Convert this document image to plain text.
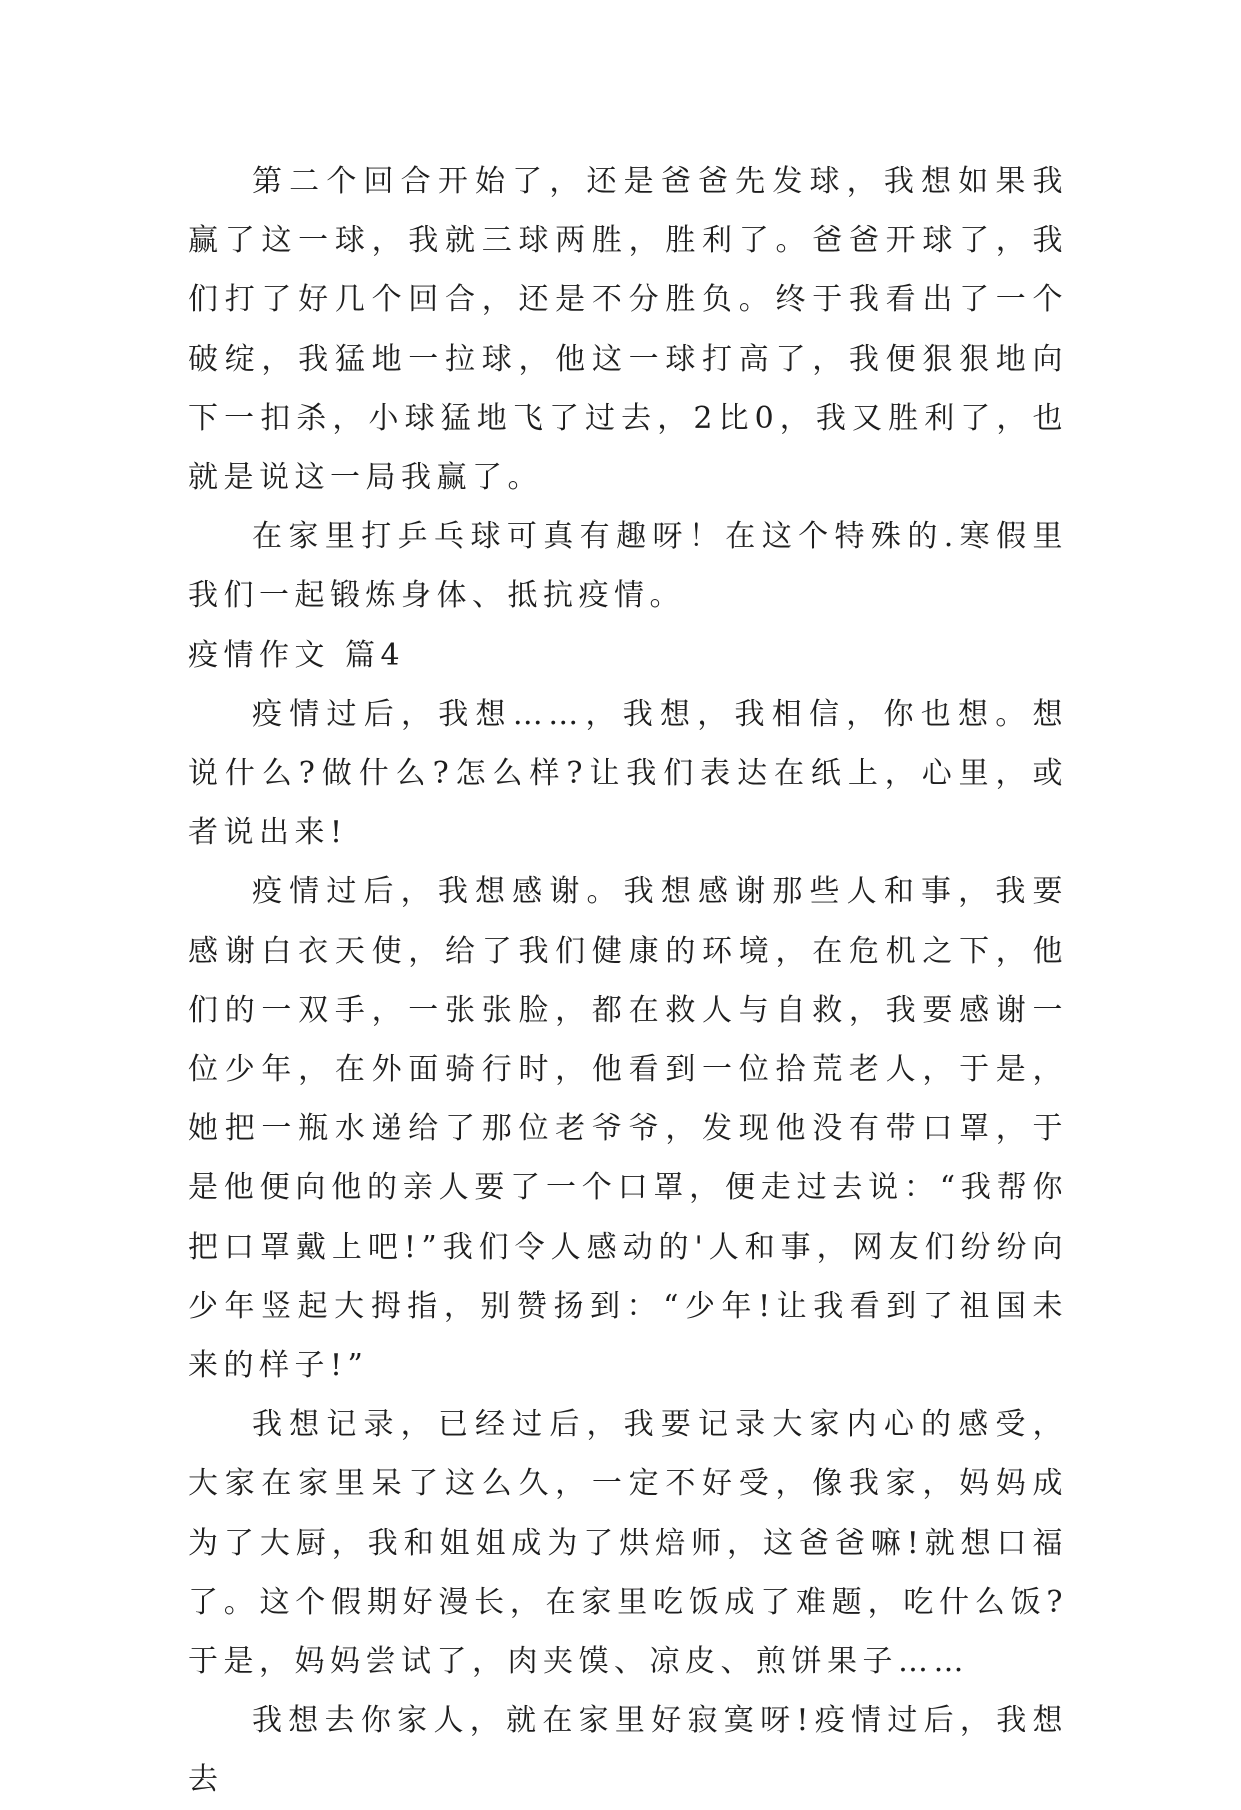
第二个回合开始了，还是爸爸先发球，我想如果我赢了这一球，我就三球两胜，胜利了。爸爸开球了，我们打了好几个回合，还是不分胜负。终于我看出了一个破绽，我猛地一拉球，他这一球打高了，我便狠狠地向下一扣杀，小球猛地飞了过去，2比0，我又胜利了，也就是说这一局我赢了。

在家里打乒乓球可真有趣呀！在这个特殊的.寒假里我们一起锻炼身体、抵抗疫情。

疫情作文 篇4

疫情过后，我想……，我想，我相信，你也想。想说什么?做什么?怎么样?让我们表达在纸上，心里，或者说出来!

疫情过后，我想感谢。我想感谢那些人和事，我要感谢白衣天使，给了我们健康的环境，在危机之下，他们的一双手，一张张脸，都在救人与自救，我要感谢一位少年，在外面骑行时，他看到一位拾荒老人，于是，她把一瓶水递给了那位老爷爷，发现他没有带口罩，于是他便向他的亲人要了一个口罩，便走过去说：“我帮你把口罩戴上吧!”我们令人感动的'人和事，网友们纷纷向少年竖起大拇指，别赞扬到：“少年!让我看到了祖国未来的样子!”

我想记录，已经过后，我要记录大家内心的感受，大家在家里呆了这么久，一定不好受，像我家，妈妈成为了大厨，我和姐姐成为了烘焙师，这爸爸嘛!就想口福了。这个假期好漫长，在家里吃饭成了难题，吃什么饭?于是，妈妈尝试了，肉夹馍、凉皮、煎饼果子……

我想去你家人，就在家里好寂寞呀!疫情过后，我想去
